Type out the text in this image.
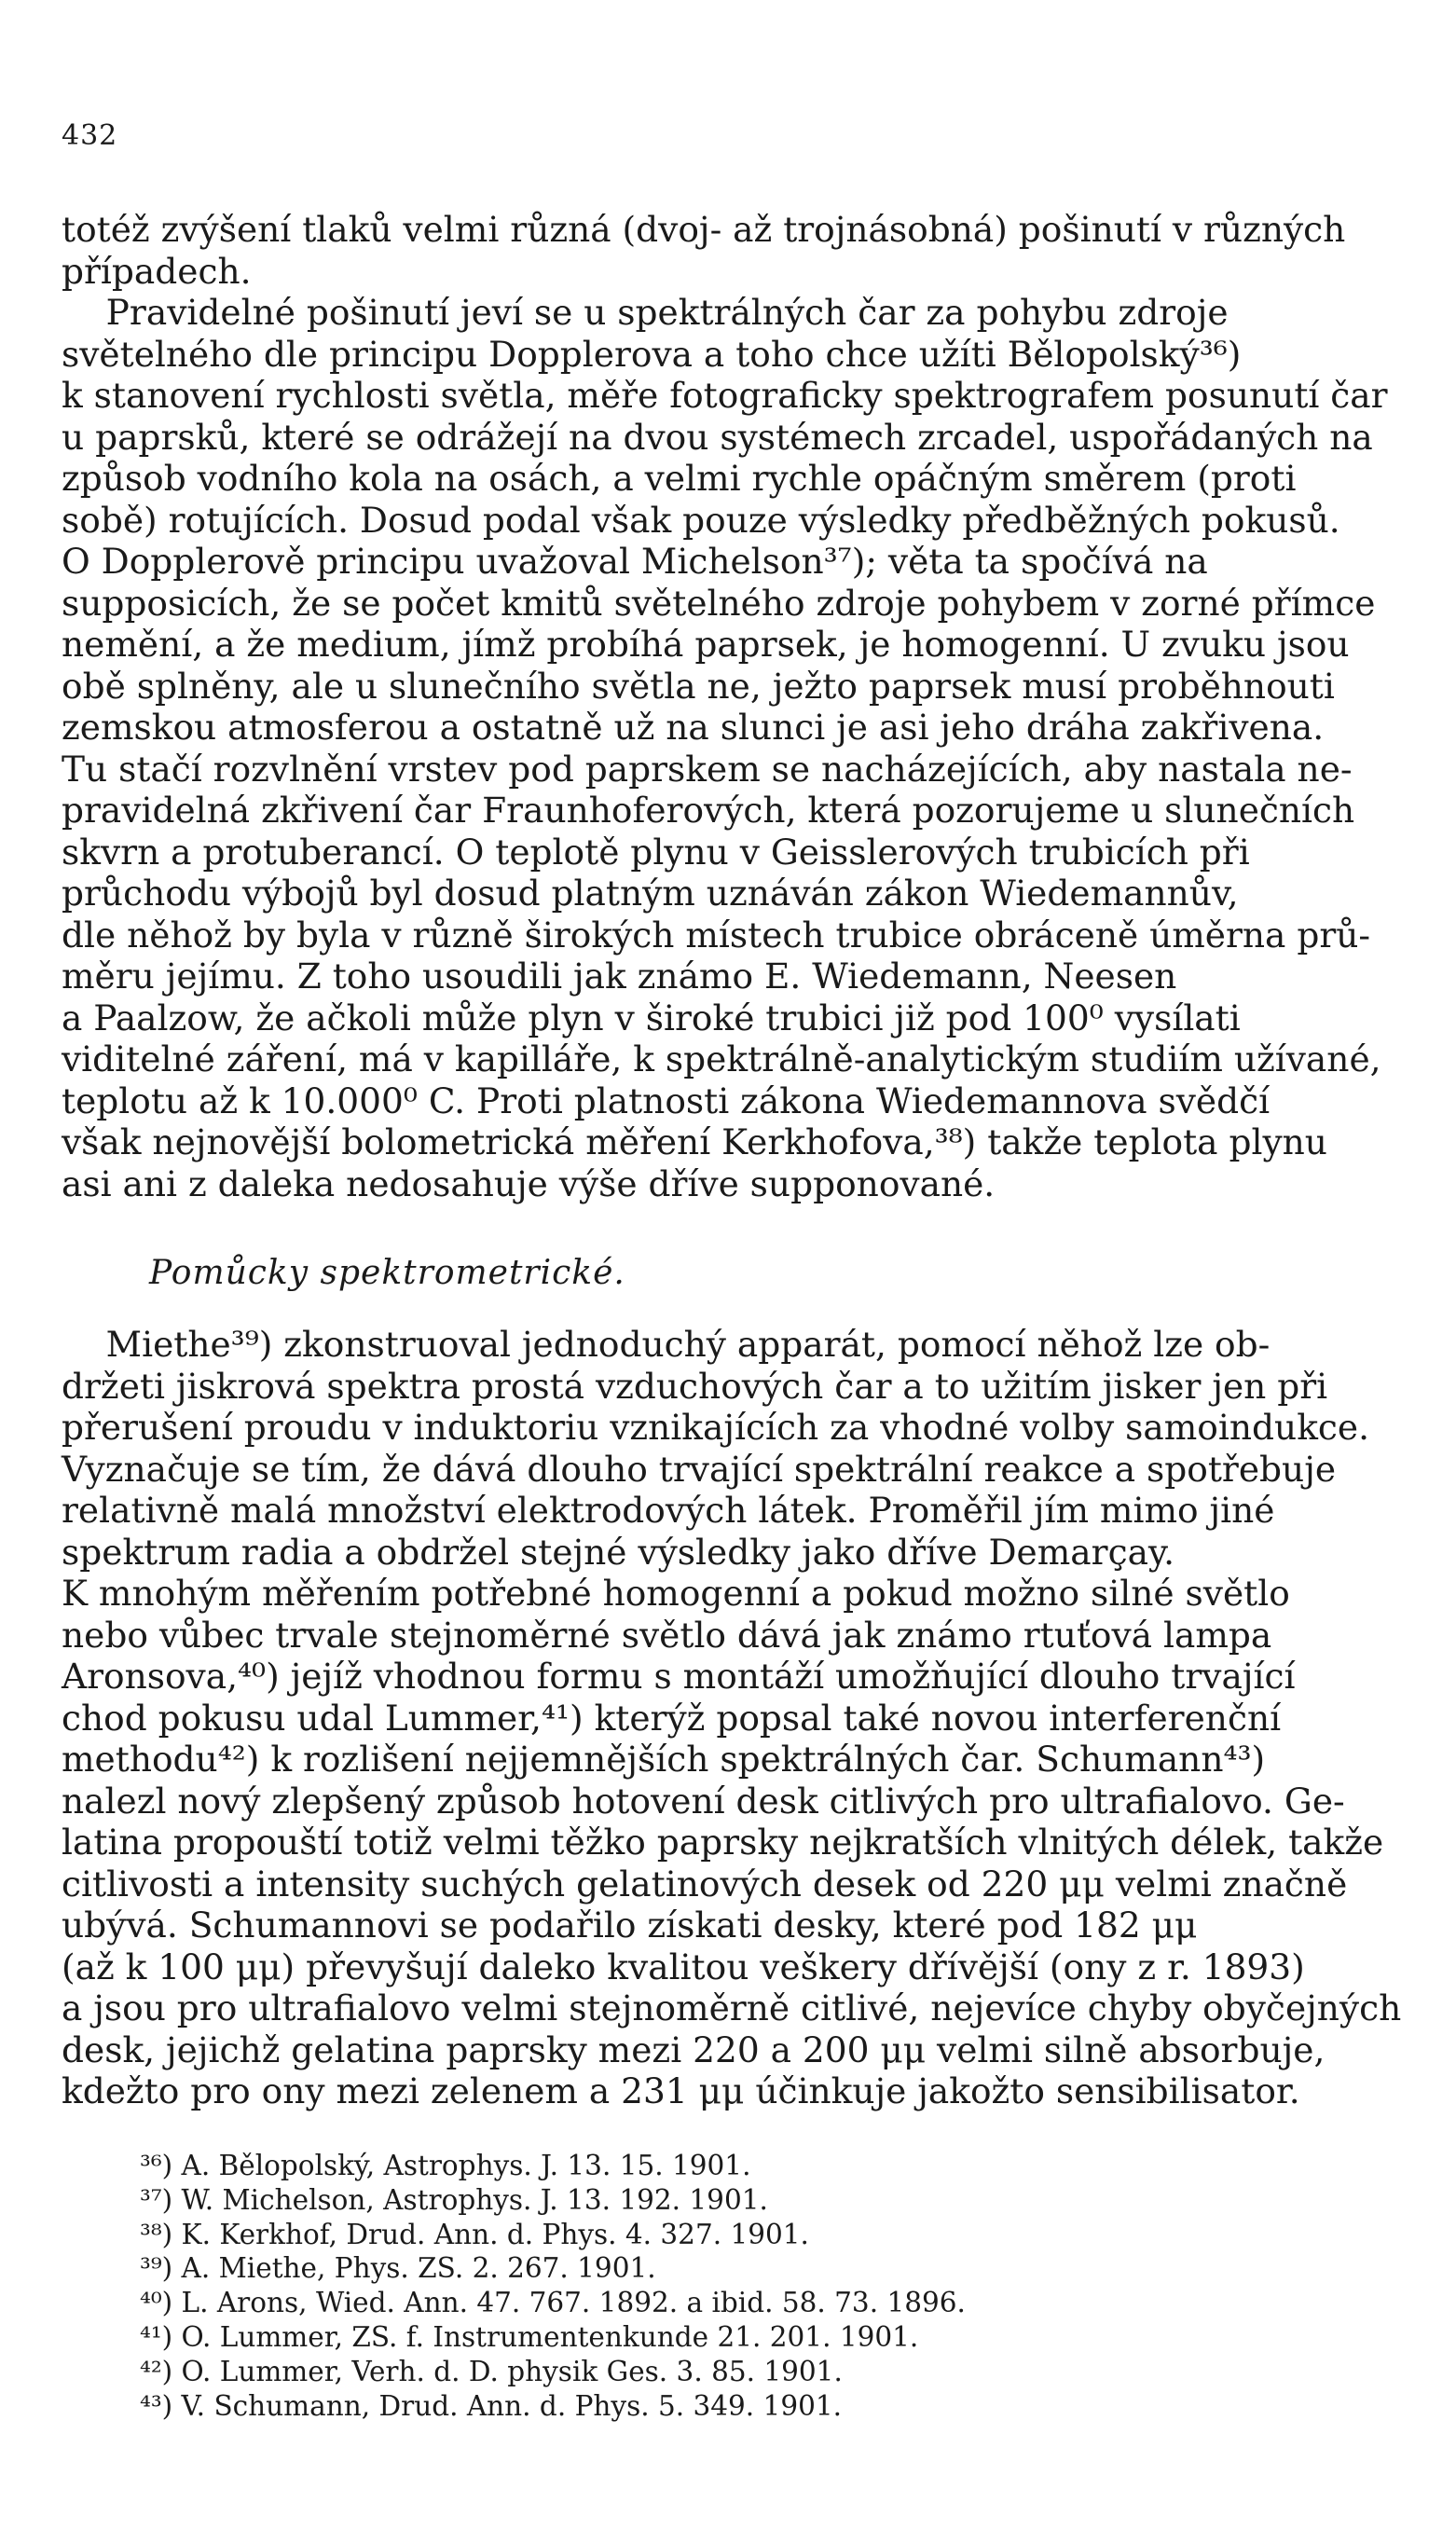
432
totéž zvýšení tlaků velmi různá (dvoj- až trojnásobná) pošinutí v různých
případech.
Pravidelné pošinutí jeví se u spektrálných čar za pohybu zdroje
světelného dle principu Dopplerova a toho chce užíti Bělopolský³⁶)
k stanovení rychlosti světla, měře fotograficky spektrografem posunutí čar
u paprsků, které se odrážejí na dvou systémech zrcadel, uspořádaných na
způsob vodního kola na osách, a velmi rychle opáčným směrem (proti
sobě) rotujících. Dosud podal však pouze výsledky předběžných pokusů.
O Dopplerově principu uvažoval Michelson³⁷); věta ta spočívá na
supposicích, že se počet kmitů světelného zdroje pohybem v zorné přímce
nemění, a že medium, jímž probíhá paprsek, je homogenní. U zvuku jsou
obě splněny, ale u slunečního světla ne, ježto paprsek musí proběhnouti
zemskou atmosferou a ostatně už na slunci je asi jeho dráha zakřivena.
Tu stačí rozvlnění vrstev pod paprskem se nacházejících, aby nastala ne-
pravidelná zkřivení čar Fraunhoferových, která pozorujeme u slunečních
skvrn a protuberancí. O teplotě plynu v Geisslerových trubicích při
průchodu výbojů byl dosud platným uznáván zákon Wiedemannův,
dle něhož by byla v různě širokých místech trubice obráceně úměrna prů-
měru jejímu. Z toho usoudili jak známo E. Wiedemann, Neesen
a Paalzow, že ačkoli může plyn v široké trubici již pod 100⁰ vysílati
viditelné záření, má v kapilláře, k spektrálně-analytickým studiím užívané,
teplotu až k 10.000⁰ C. Proti platnosti zákona Wiedemannova svědčí
však nejnovější bolometrická měření Kerkhofova,³⁸) takže teplota plynu
asi ani z daleka nedosahuje výše dříve supponované.
Pomůcky spektrometrické.
Miethe³⁹) zkonstruoval jednoduchý apparát, pomocí něhož lze ob-
držeti jiskrová spektra prostá vzduchových čar a to užitím jisker jen při
přerušení proudu v induktoriu vznikajících za vhodné volby samoindukce.
Vyznačuje se tím, že dává dlouho trvající spektrální reakce a spotřebuje
relativně malá množství elektrodových látek. Proměřil jím mimo jiné
spektrum radia a obdržel stejné výsledky jako dříve Demarçay.
K mnohým měřením potřebné homogenní a pokud možno silné světlo
nebo vůbec trvale stejnoměrné světlo dává jak známo rtuťová lampa
Aronsova,⁴⁰) jejíž vhodnou formu s montáží umožňující dlouho trvající
chod pokusu udal Lummer,⁴¹) kterýž popsal také novou interferenční
methodu⁴²) k rozlišení nejjemnějších spektrálných čar. Schumann⁴³)
nalezl nový zlepšený způsob hotovení desk citlivých pro ultrafialovo. Ge-
latina propouští totiž velmi těžko paprsky nejkratších vlnitých délek, takže
citlivosti a intensity suchých gelatinových desek od 220 μμ velmi značně
ubývá. Schumannovi se podařilo získati desky, které pod 182 μμ
(až k 100 μμ) převyšují daleko kvalitou veškery dřívější (ony z r. 1893)
a jsou pro ultrafialovo velmi stejnoměrně citlivé, nejevíce chyby obyčejných
desk, jejichž gelatina paprsky mezi 220 a 200 μμ velmi silně absorbuje,
kdežto pro ony mezi zelenem a 231 μμ účinkuje jakožto sensibilisator.
³⁶) A. Bělopolský, Astrophys. J. 13. 15. 1901.
³⁷) W. Michelson, Astrophys. J. 13. 192. 1901.
³⁸) K. Kerkhof, Drud. Ann. d. Phys. 4. 327. 1901.
³⁹) A. Miethe, Phys. ZS. 2. 267. 1901.
⁴⁰) L. Arons, Wied. Ann. 47. 767. 1892. a ibid. 58. 73. 1896.
⁴¹) O. Lummer, ZS. f. Instrumentenkunde 21. 201. 1901.
⁴²) O. Lummer, Verh. d. D. physik Ges. 3. 85. 1901.
⁴³) V. Schumann, Drud. Ann. d. Phys. 5. 349. 1901.
